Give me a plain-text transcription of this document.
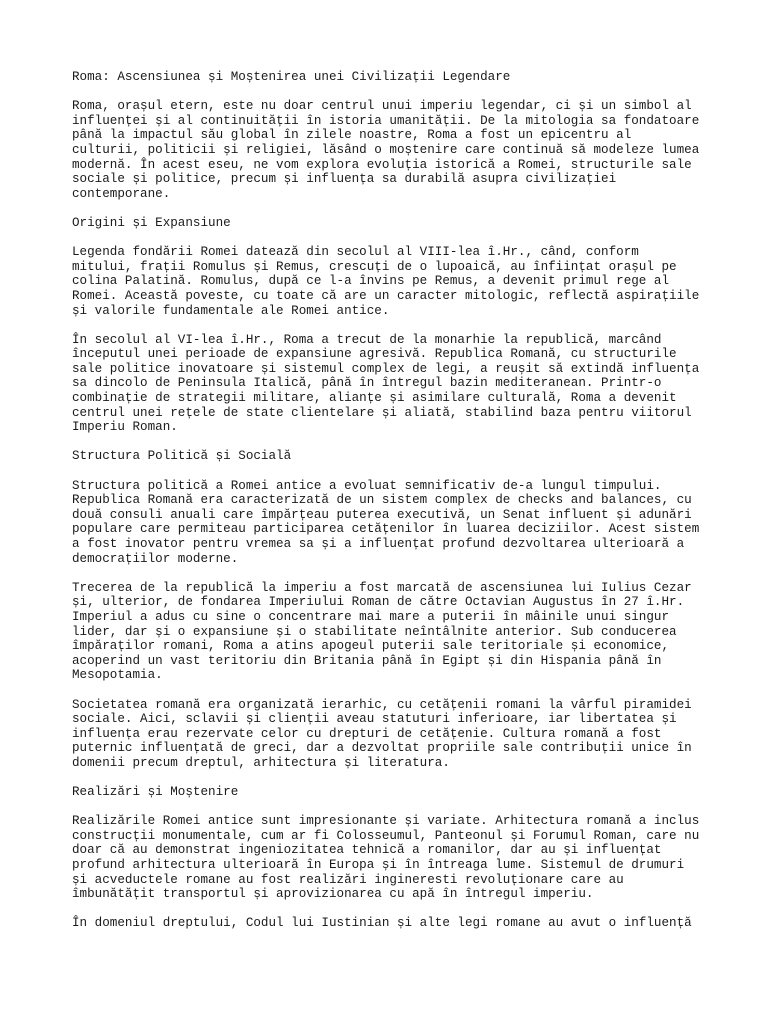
Roma: Ascensiunea și Moștenirea unei Civilizații Legendare

Roma, orașul etern, este nu doar centrul unui imperiu legendar, ci și un simbol al
influenței și al continuității în istoria umanității. De la mitologia sa fondatoare
până la impactul său global în zilele noastre, Roma a fost un epicentru al
culturii, politicii și religiei, lăsând o moștenire care continuă să modeleze lumea
modernă. În acest eseu, ne vom explora evoluția istorică a Romei, structurile sale
sociale și politice, precum și influența sa durabilă asupra civilizației
contemporane.

Origini și Expansiune

Legenda fondării Romei datează din secolul al VIII-lea î.Hr., când, conform
mitului, frații Romulus și Remus, crescuți de o lupoaică, au înființat orașul pe
colina Palatină. Romulus, după ce l-a învins pe Remus, a devenit primul rege al
Romei. Această poveste, cu toate că are un caracter mitologic, reflectă aspirațiile
și valorile fundamentale ale Romei antice.

În secolul al VI-lea î.Hr., Roma a trecut de la monarhie la republică, marcând
începutul unei perioade de expansiune agresivă. Republica Romană, cu structurile
sale politice inovatoare și sistemul complex de legi, a reușit să extindă influența
sa dincolo de Peninsula Italică, până în întregul bazin mediteranean. Printr-o
combinație de strategii militare, alianțe și asimilare culturală, Roma a devenit
centrul unei rețele de state clientelare și aliată, stabilind baza pentru viitorul
Imperiu Roman.

Structura Politică și Socială

Structura politică a Romei antice a evoluat semnificativ de-a lungul timpului.
Republica Romană era caracterizată de un sistem complex de checks and balances, cu
două consuli anuali care împărțeau puterea executivă, un Senat influent și adunări
populare care permiteau participarea cetățenilor în luarea deciziilor. Acest sistem
a fost inovator pentru vremea sa și a influențat profund dezvoltarea ulterioară a
democrațiilor moderne.

Trecerea de la republică la imperiu a fost marcată de ascensiunea lui Iulius Cezar
și, ulterior, de fondarea Imperiului Roman de către Octavian Augustus în 27 î.Hr.
Imperiul a adus cu sine o concentrare mai mare a puterii în mâinile unui singur
lider, dar și o expansiune și o stabilitate neîntâlnite anterior. Sub conducerea
împăraților romani, Roma a atins apogeul puterii sale teritoriale și economice,
acoperind un vast teritoriu din Britania până în Egipt și din Hispania până în
Mesopotamia.

Societatea romană era organizată ierarhic, cu cetățenii romani la vârful piramidei
sociale. Aici, sclavii și clienții aveau statuturi inferioare, iar libertatea și
influența erau rezervate celor cu drepturi de cetățenie. Cultura romană a fost
puternic influențată de greci, dar a dezvoltat propriile sale contribuții unice în
domenii precum dreptul, arhitectura și literatura.

Realizări și Moștenire

Realizările Romei antice sunt impresionante și variate. Arhitectura romană a inclus
construcții monumentale, cum ar fi Colosseumul, Panteonul și Forumul Roman, care nu
doar că au demonstrat ingeniozitatea tehnică a romanilor, dar au și influențat
profund arhitectura ulterioară în Europa și în întreaga lume. Sistemul de drumuri
și acveductele romane au fost realizări ingineresti revoluționare care au
îmbunătățit transportul și aprovizionarea cu apă în întregul imperiu.

În domeniul dreptului, Codul lui Iustinian și alte legi romane au avut o influență
